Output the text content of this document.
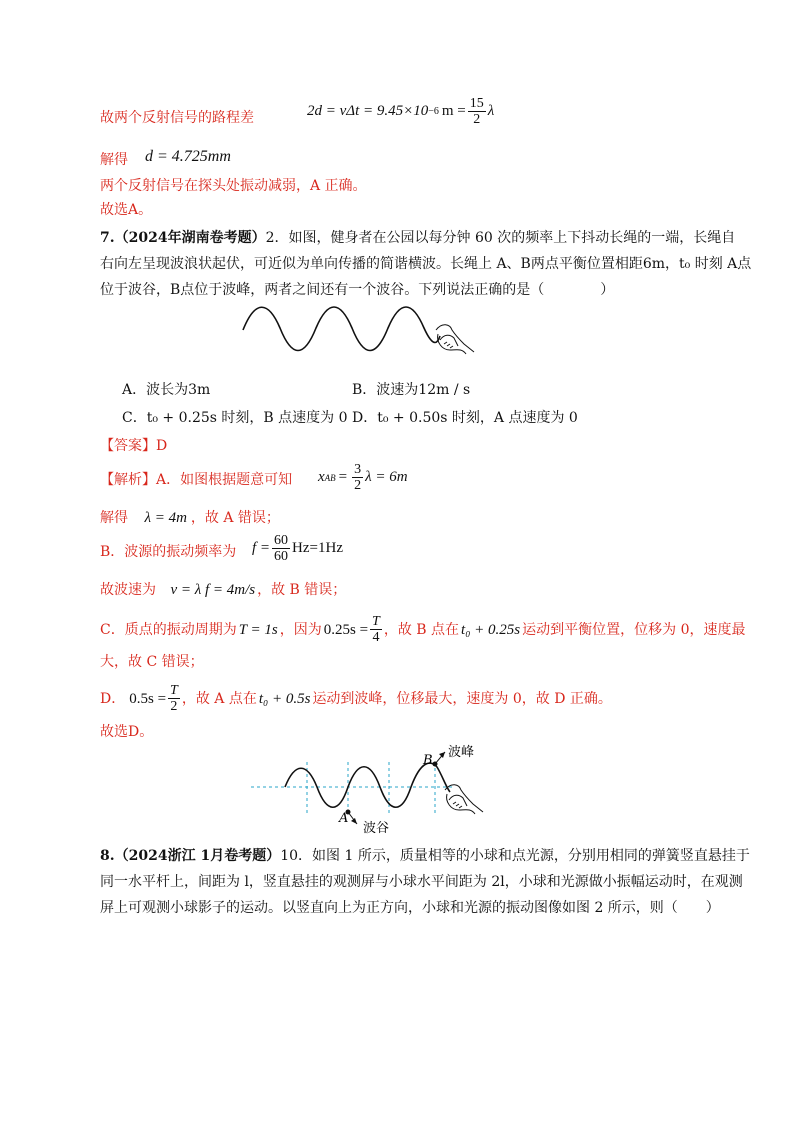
故两个反射信号的路程差	2d = vΔt = 9.45×10 −6 $m = \frac{15}{2}$ λ
解得 d = 4.725mm
两个反射信号在探头处振动减弱，A 正确。
故选A。
7.（2024年湖南卷考题）2．如图，健身者在公园以每分钟 60 次的频率上下抖动长绳的一端，长绳自
右向左呈现波浪状起伏，可近似为单向传播的简谐横波。长绳上 A、B两点平衡位置相距6m，t₀ 时刻 A点
位于波谷，B点位于波峰，两者之间还有一个波谷。下列说法正确的是（　　　　）
A．波长为3m	B．波速为12m / s
C．t₀ + 0.25s 时刻，B 点速度为 0 D．t₀ + 0.50s 时刻，A 点速度为 0
【答案】D
【解析】 A．如图根据题意可知 x AB = $\frac{3}{2}$ λ = 6m
解得 λ = 4m ，故 A 错误；
B．波源的振动频率为 $f = \frac{60}{60} Hz=1Hz$
故波速为 v = λ f = 4m/s ，故 B 错误；
C．质点的振动周期为 T = 1s ，因为 $0.25s = \frac{T}{4}$ ，故 B 点在 t₀ + 0.25s 运动到平衡位置，位移为 0，速度最
大，故 C 错误；
D． $0.5s = \frac{T}{2}$ ，故 A 点在 t₀ + 0.5s 运动到波峰，位移最大，速度为 0，故 D 正确。
故选D。
A
B
波峰
波谷
8.（2024浙江 1月卷考题）10．如图 1 所示，质量相等的小球和点光源，分别用相同的弹簧竖直悬挂于
同一水平杆上，间距为 l，竖直悬挂的观测屏与小球水平间距为 2l，小球和光源做小振幅运动时，在观测
屏上可观测小球影子的运动。以竖直向上为正方向，小球和光源的振动图像如图 2 所示，则（　　）
